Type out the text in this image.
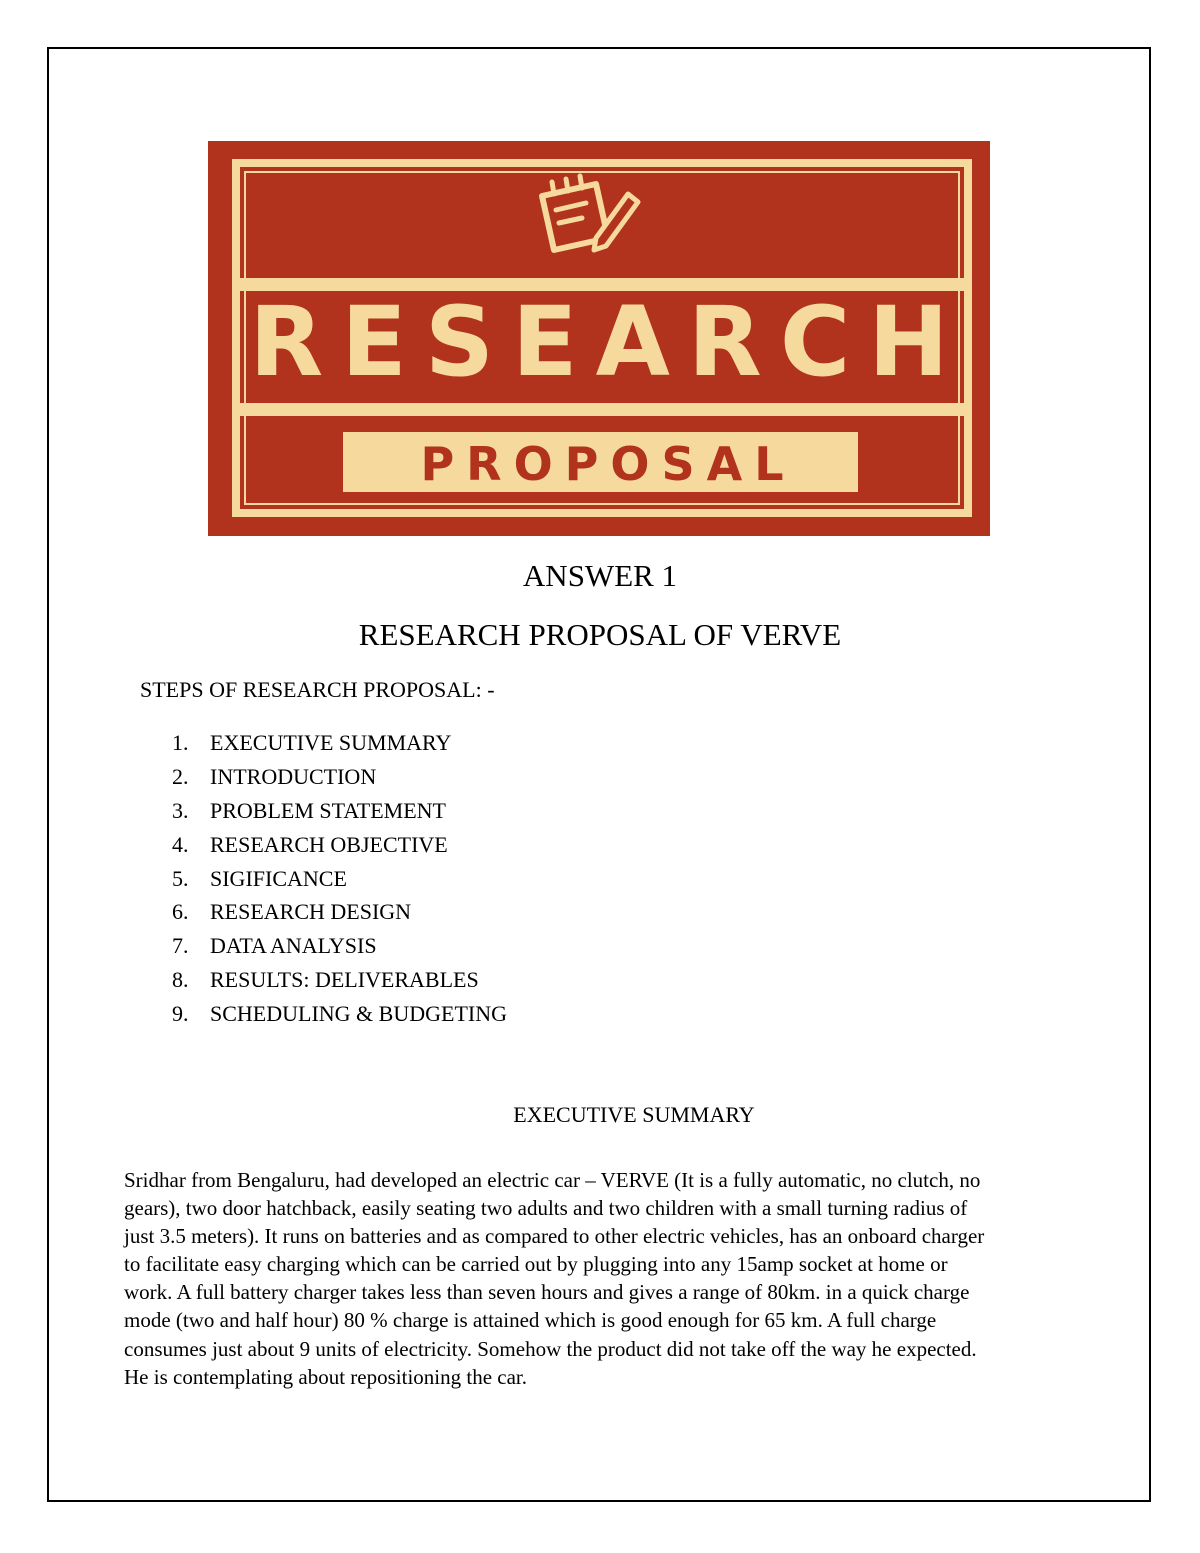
RESEARCH
PROPOSAL
ANSWER 1
RESEARCH PROPOSAL OF VERVE
STEPS OF RESEARCH PROPOSAL: -
1. EXECUTIVE SUMMARY
2. INTRODUCTION
3. PROBLEM STATEMENT
4. RESEARCH OBJECTIVE
5. SIGIFICANCE
6. RESEARCH DESIGN
7. DATA ANALYSIS
8. RESULTS: DELIVERABLES
9. SCHEDULING & BUDGETING
EXECUTIVE SUMMARY
Sridhar from Bengaluru, had developed an electric car – VERVE (It is a fully automatic, no clutch, no
gears), two door hatchback, easily seating two adults and two children with a small turning radius of
just 3.5 meters). It runs on batteries and as compared to other electric vehicles, has an onboard charger
to facilitate easy charging which can be carried out by plugging into any 15amp socket at home or
work. A full battery charger takes less than seven hours and gives a range of 80km. in a quick charge
mode (two and half hour) 80 % charge is attained which is good enough for 65 km. A full charge
consumes just about 9 units of electricity. Somehow the product did not take off the way he expected.
He is contemplating about repositioning the car.
